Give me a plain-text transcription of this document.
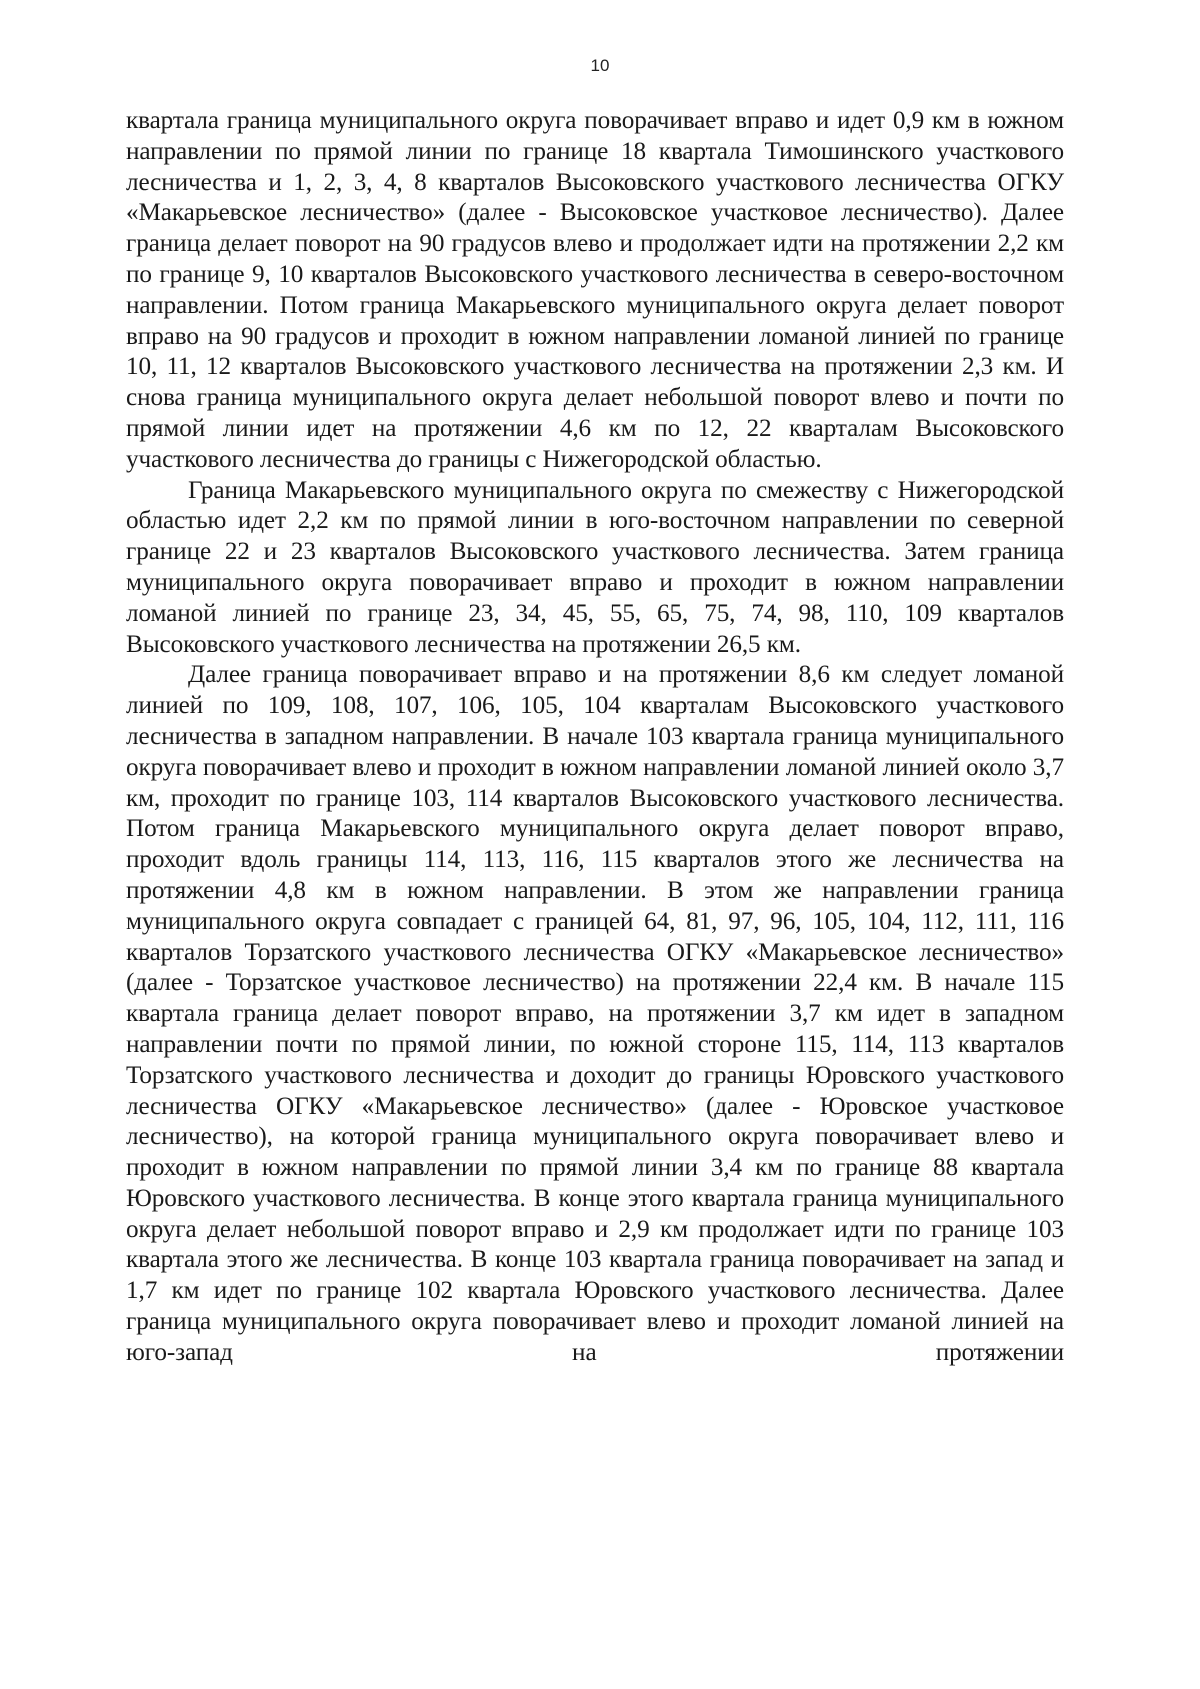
10

квартала граница муниципального округа поворачивает вправо и идет 0,9 км в южном направлении по прямой линии по границе 18 квартала Тимошинского участкового лесничества и 1, 2, 3, 4, 8 кварталов Высоковского участкового лесничества ОГКУ «Макарьевское лесничество» (далее - Высоковское участковое лесничество). Далее граница делает поворот на 90 градусов влево и продолжает идти на протяжении 2,2 км по границе 9, 10 кварталов Высоковского участкового лесничества в северо-восточном направлении. Потом граница Макарьевского муниципального округа делает поворот вправо на 90 градусов и проходит в южном направлении ломаной линией по границе 10, 11, 12 кварталов Высоковского участкового лесничества на протяжении 2,3 км. И снова граница муниципального округа делает небольшой поворот влево и почти по прямой линии идет на протяжении 4,6 км по 12, 22 кварталам Высоковского участкового лесничества до границы с Нижегородской областью.

Граница Макарьевского муниципального округа по смежеству с Нижегородской областью идет 2,2 км по прямой линии в юго-восточном направлении по северной границе 22 и 23 кварталов Высоковского участкового лесничества. Затем граница муниципального округа поворачивает вправо и проходит в южном направлении ломаной линией по границе 23, 34, 45, 55, 65, 75, 74, 98, 110, 109 кварталов Высоковского участкового лесничества на протяжении 26,5 км.

Далее граница поворачивает вправо и на протяжении 8,6 км следует ломаной линией по 109, 108, 107, 106, 105, 104 кварталам Высоковского участкового лесничества в западном направлении. В начале 103 квартала граница муниципального округа поворачивает влево и проходит в южном направлении ломаной линией около 3,7 км, проходит по границе 103, 114 кварталов Высоковского участкового лесничества. Потом граница Макарьевского муниципального округа делает поворот вправо, проходит вдоль границы 114, 113, 116, 115 кварталов этого же лесничества на протяжении 4,8 км в южном направлении. В этом же направлении граница муниципального округа совпадает с границей 64, 81, 97, 96, 105, 104, 112, 111, 116 кварталов Торзатского участкового лесничества ОГКУ «Макарьевское лесничество» (далее - Торзатское участковое лесничество) на протяжении 22,4 км. В начале 115 квартала граница делает поворот вправо, на протяжении 3,7 км идет в западном направлении почти по прямой линии, по южной стороне 115, 114, 113 кварталов Торзатского участкового лесничества и доходит до границы Юровского участкового лесничества ОГКУ «Макарьевское лесничество» (далее - Юровское участковое лесничество), на которой граница муниципального округа поворачивает влево и проходит в южном направлении по прямой линии 3,4 км по границе 88 квартала Юровского участкового лесничества. В конце этого квартала граница муниципального округа делает небольшой поворот вправо и 2,9 км продолжает идти по границе 103 квартала этого же лесничества. В конце 103 квартала граница поворачивает на запад и 1,7 км идет по границе 102 квартала Юровского участкового лесничества. Далее граница муниципального округа поворачивает влево и проходит ломаной линией на юго-запад на протяжении
